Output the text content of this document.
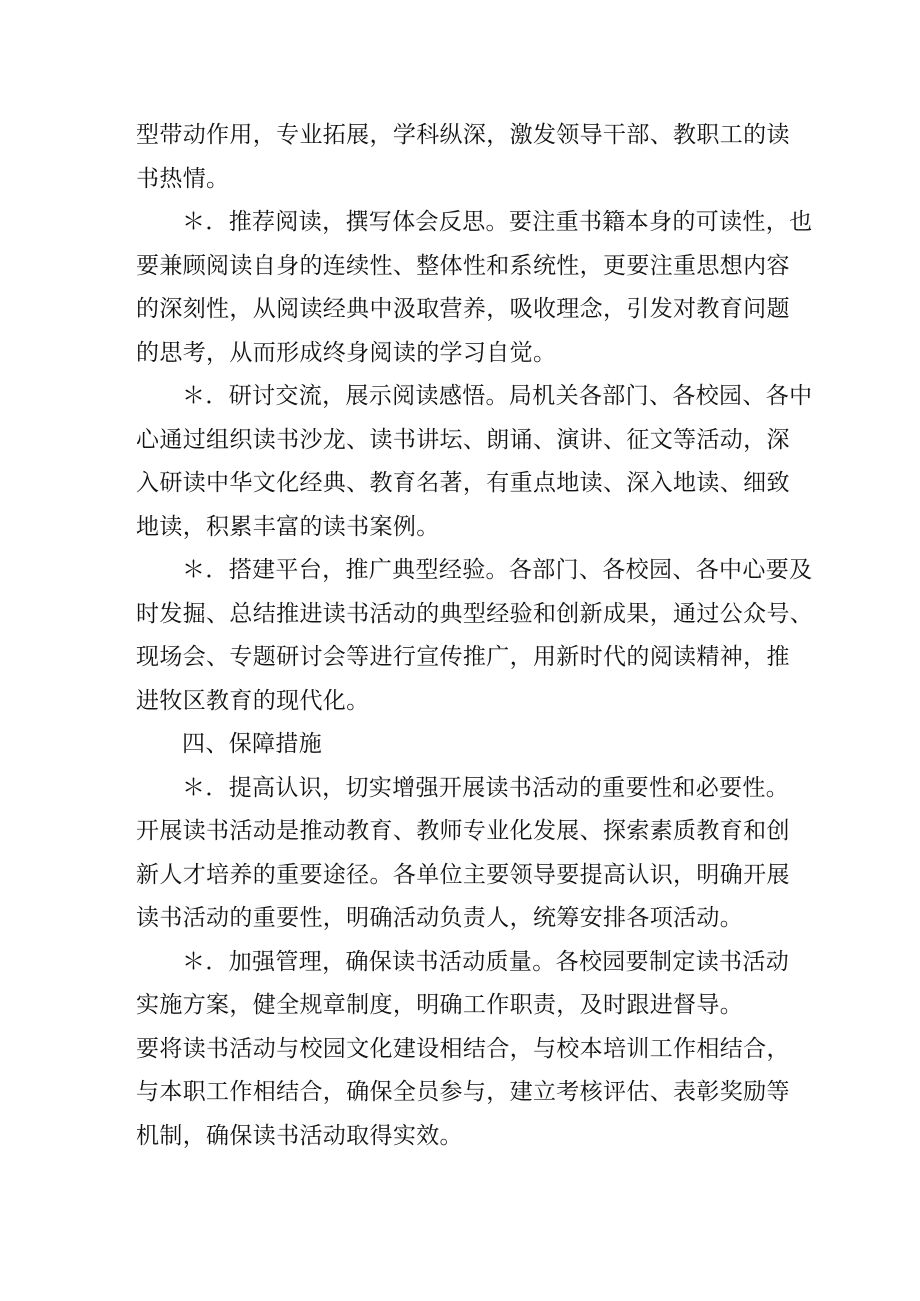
型带动作用，专业拓展，学科纵深，激发领导干部、教职工的读
书热情。
＊．推荐阅读，撰写体会反思。要注重书籍本身的可读性，也
要兼顾阅读自身的连续性、整体性和系统性，更要注重思想内容
的深刻性，从阅读经典中汲取营养，吸收理念，引发对教育问题
的思考，从而形成终身阅读的学习自觉。
＊．研讨交流，展示阅读感悟。局机关各部门、各校园、各中
心通过组织读书沙龙、读书讲坛、朗诵、演讲、征文等活动，深
入研读中华文化经典、教育名著，有重点地读、深入地读、细致
地读，积累丰富的读书案例。
＊．搭建平台，推广典型经验。各部门、各校园、各中心要及
时发掘、总结推进读书活动的典型经验和创新成果，通过公众号、
现场会、专题研讨会等进行宣传推广，用新时代的阅读精神，推
进牧区教育的现代化。
四、保障措施
＊．提高认识，切实增强开展读书活动的重要性和必要性。
开展读书活动是推动教育、教师专业化发展、探索素质教育和创
新人才培养的重要途径。各单位主要领导要提高认识，明确开展
读书活动的重要性，明确活动负责人，统筹安排各项活动。
＊．加强管理，确保读书活动质量。各校园要制定读书活动
实施方案，健全规章制度，明确工作职责，及时跟进督导。
要将读书活动与校园文化建设相结合，与校本培训工作相结合，
与本职工作相结合，确保全员参与，建立考核评估、表彰奖励等
机制，确保读书活动取得实效。
